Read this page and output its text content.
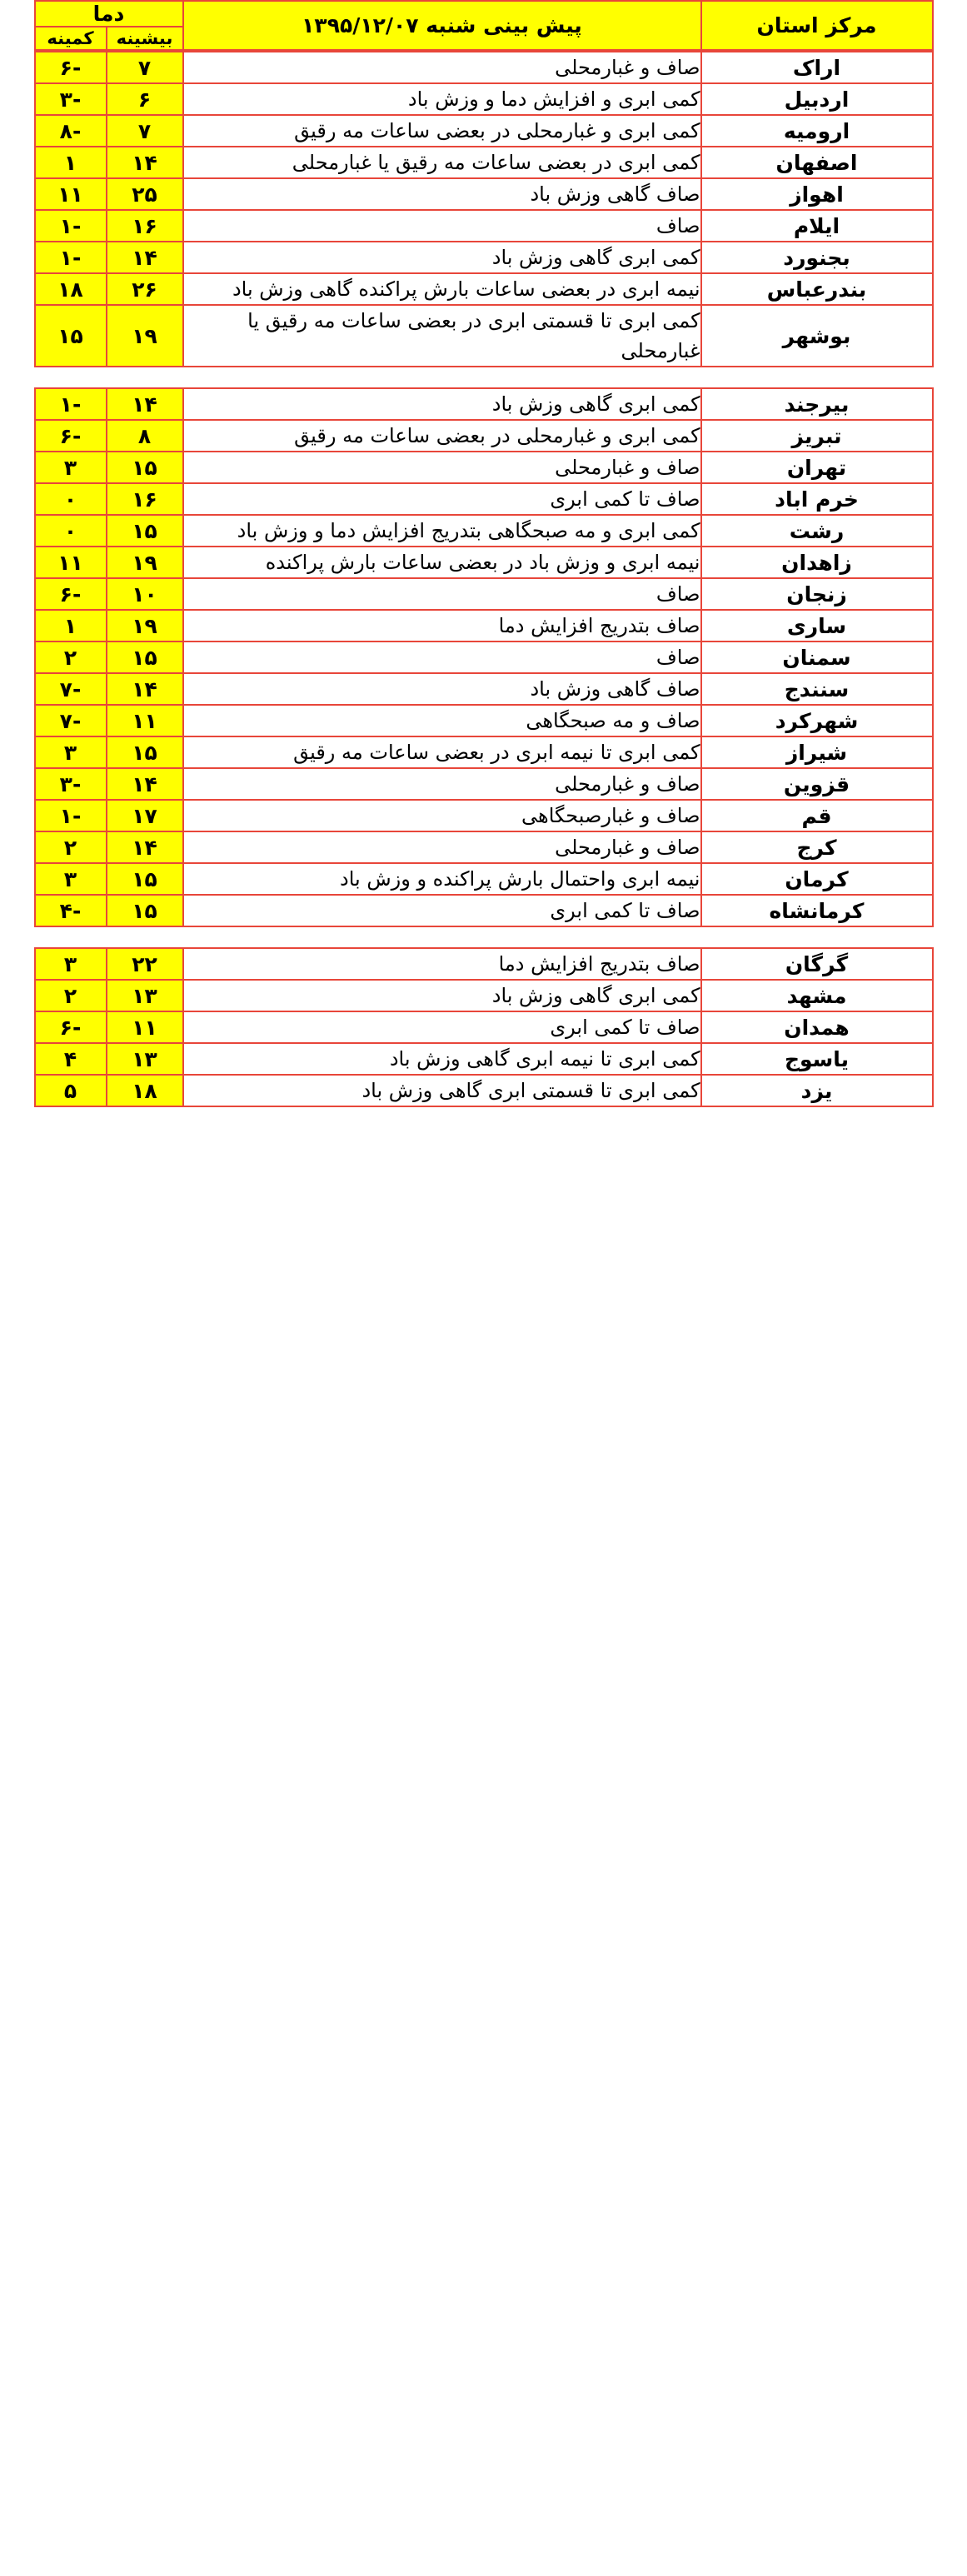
مرکز استان	پیش بینی شنبه ۱۳۹۵/۱۲/۰۷	دما	
		بیشینه	کمینه
اراک	صاف و غبارمحلی	۷	-۶
اردبیل	کمی ابری و افزایش دما و وزش باد	۶	-۳
ارومیه	کمی ابری و غبارمحلی در بعضی ساعات مه رقیق	۷	-۸
اصفهان	کمی ابری در بعضی ساعات مه رقیق یا غبارمحلی	۱۴	۱
اهواز	صاف گاهی وزش باد	۲۵	۱۱
ایلام	صاف	۱۶	-۱
بجنورد	کمی ابری گاهی وزش باد	۱۴	-۱
بندرعباس	نیمه ابری در بعضی ساعات بارش پراکنده گاهی وزش باد	۲۶	۱۸
بوشهر	کمی ابری تا قسمتی ابری در بعضی ساعات مه رقیق یا غبارمحلی	۱۹	۱۵
بیرجند	کمی ابری گاهی وزش باد	۱۴	-۱
تبریز	کمی ابری و غبارمحلی در بعضی ساعات مه رقیق	۸	-۶
تهران	صاف و غبارمحلی	۱۵	۳
خرم اباد	صاف تا کمی ابری	۱۶	۰
رشت	کمی ابری و مه صبحگاهی بتدریج افزایش دما و وزش باد	۱۵	۰
زاهدان	نیمه ابری و وزش باد در بعضی ساعات بارش پراکنده	۱۹	۱۱
زنجان	صاف	۱۰	-۶
ساری	صاف بتدریج افزایش دما	۱۹	۱
سمنان	صاف	۱۵	۲
سنندج	صاف گاهی وزش باد	۱۴	-۷
شهرکرد	صاف و مه صبحگاهی	۱۱	-۷
شیراز	کمی ابری تا نیمه ابری در بعضی ساعات مه رقیق	۱۵	۳
قزوین	صاف و غبارمحلی	۱۴	-۳
قم	صاف و غبارصبحگاهی	۱۷	-۱
کرج	صاف و غبارمحلی	۱۴	۲
کرمان	نیمه ابری واحتمال بارش پراکنده و وزش باد	۱۵	۳
کرمانشاه	صاف تا کمی ابری	۱۵	-۴
گرگان	صاف بتدریج افزایش دما	۲۲	۳
مشهد	کمی ابری گاهی وزش باد	۱۳	۲
همدان	صاف تا کمی ابری	۱۱	-۶
یاسوج	کمی ابری تا نیمه ابری گاهی وزش باد	۱۳	۴
یزد	کمی ابری تا قسمتی ابری گاهی وزش باد	۱۸	۵
